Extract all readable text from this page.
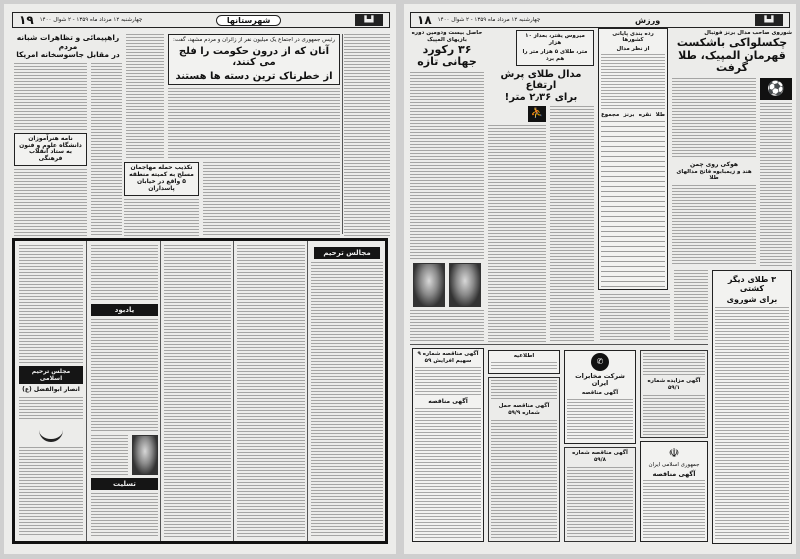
۱۹ چهارشنبه ۱۲ مرداد ماه ۱۳۵۹ - ۲ شوال ۱۴۰۰	شهرستانها	▙▟
راهپیمائی و تظاهرات شبانه مردم
در مقابل جاسوسخانه امریکا
نامه هنرآموزان دانشگاه علوم و فنون به ستاد انقلاب فرهنگی
تکذیب حمله مهاجمان مسلح به کمیته منطقه ۵ واقع در خیابان پاسداران
رئیس جمهوری در اجتماع یک میلیون نفر از زائران و مردم مشهد، گفت:
آنان که از درون حکومت را فلج می کنند،
از خطرناک ترین دسته ها هستند
مجالس ترحیم
یادبود
تسلیت
مجلس ترحیم اسلامی
انصار ابوالفضل (ع)
۱۸ چهارشنبه ۱۲ مرداد ماه ۱۳۵۹ - ۲ شوال ۱۴۰۰	ورزش	▙▟
شوروی صاحب مدال برنز فوتبال
چکسلواکی باشکست
قهرمان المپیک، طلا گرفت
هوکی روی چمن
هند و زیمبابوه فاتح مدالهای طلا
⚽
رده بندی پایانی کشورها
از نظر مدال
طلا
نقره
برنز
مجموع
میروس یفتر، بعداز ۱۰ هزار
متر، طلای ۵ هزار متر را هم برد
مدال طلای پرش ارتفاع
برای ۲٫۳۶ متر!
⛹
حاصل بیست ودومین دوره
بازیهای المپیک
۳۶ رکورد
جهانی تازه
۳ طلای دیگر کشتی
برای شوروی
آگهی مناقصه شماره ۹ سهیم افرایش ۵۹
آگهی مناقصه
اطلاعیه
آگهی مناقصه حمل شماره ۵۹/۹
✆
شرکت مخابرات ایران
آگهی مناقصه
آگهی مناقصه شماره ۵۹/۸
آگهی مزایده شماره ۵۹/۱
☫
جمهوری اسلامی ایران
آگهی مناقصه
